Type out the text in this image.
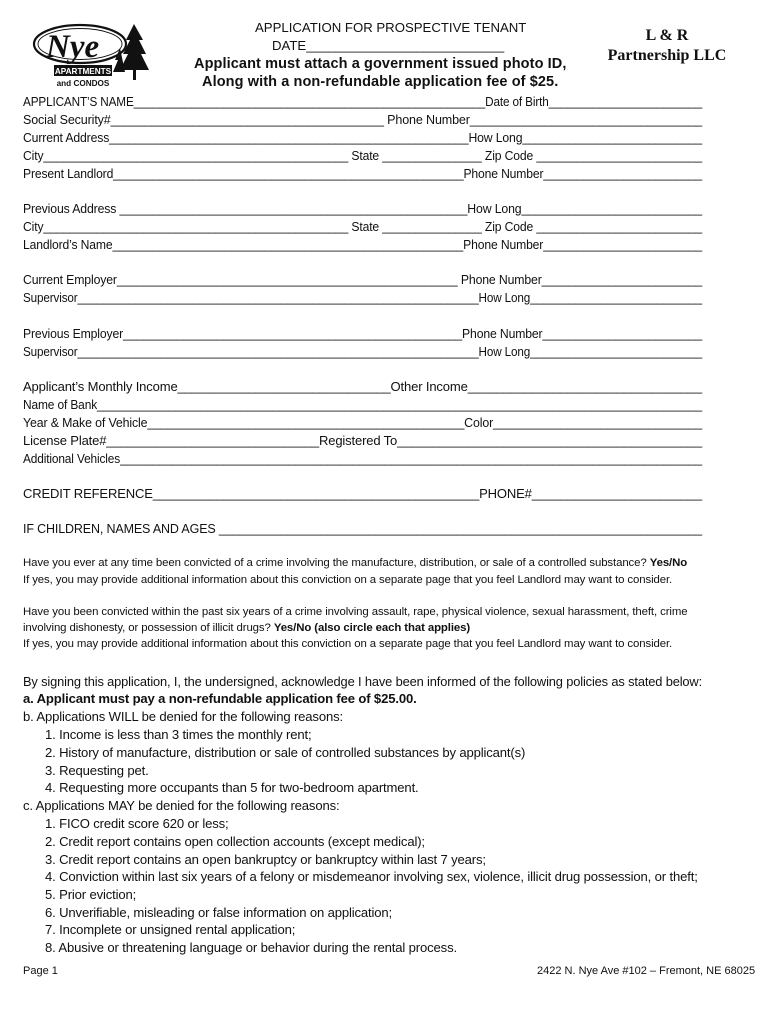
Nye
APARTMENTS
and CONDOS
APPLICATION FOR PROSPECTIVE TENANT
DATE___________________________
Applicant must attach a government issued photo ID,
Along with a non-refundable application fee of $25.
L & R
Partnership LLC
APPLICANT’S NAME_______________________________________________________Date of Birth________________________
Social Security#________________________________________ Phone Number__________________________________
Current Address______________________________________________________How Long___________________________
City______________________________________________ State _______________ Zip Code _________________________
Present Landlord_____________________________________________________Phone Number________________________
Previous Address ____________________________________________________How Long___________________________
City______________________________________________ State _______________ Zip Code _________________________
Landlord’s Name_____________________________________________________Phone Number________________________
Current Employer___________________________________________________ Phone Number________________________
Supervisor_______________________________________________________________How Long___________________________
Previous Employer___________________________________________________Phone Number________________________
Supervisor_______________________________________________________________How Long___________________________
Applicant’s Monthly Income______________________________Other Income_________________________________
Name of Bank_____________________________________________________________________________________________
Year & Make of Vehicle_______________________________________________Color_______________________________
License Plate#______________________________Registered To___________________________________________
Additional Vehicles__________________________________________________________________________________________
CREDIT REFERENCE______________________________________________PHONE#________________________
IF CHILDREN, NAMES AND AGES _______________________________________________________________________
Have you ever at any time been convicted of a crime involving the manufacture, distribution, or sale of a controlled substance? Yes/No
If yes, you may provide additional information about this conviction on a separate page that you feel Landlord may want to consider.
Have you been convicted within the past six years of a crime involving assault, rape, physical violence, sexual harassment, theft, crime
involving dishonesty, or possession of illicit drugs? Yes/No (also circle each that applies)
If yes, you may provide additional information about this conviction on a separate page that you feel Landlord may want to consider.
By signing this application, I, the undersigned, acknowledge I have been informed of the following policies as stated below:
a. Applicant must pay a non-refundable application fee of $25.00.
b. Applications WILL be denied for the following reasons:
1. Income is less than 3 times the monthly rent;
2. History of manufacture, distribution or sale of controlled substances by applicant(s)
3. Requesting pet.
4. Requesting more occupants than 5 for two-bedroom apartment.
c. Applications MAY be denied for the following reasons:
1. FICO credit score 620 or less;
2. Credit report contains open collection accounts (except medical);
3. Credit report contains an open bankruptcy or bankruptcy within last 7 years;
4. Conviction within last six years of a felony or misdemeanor involving sex, violence, illicit drug possession, or theft;
5. Prior eviction;
6. Unverifiable, misleading or false information on application;
7. Incomplete or unsigned rental application;
8. Abusive or threatening language or behavior during the rental process.
Page 1	2422 N. Nye Ave #102 – Fremont, NE 68025
